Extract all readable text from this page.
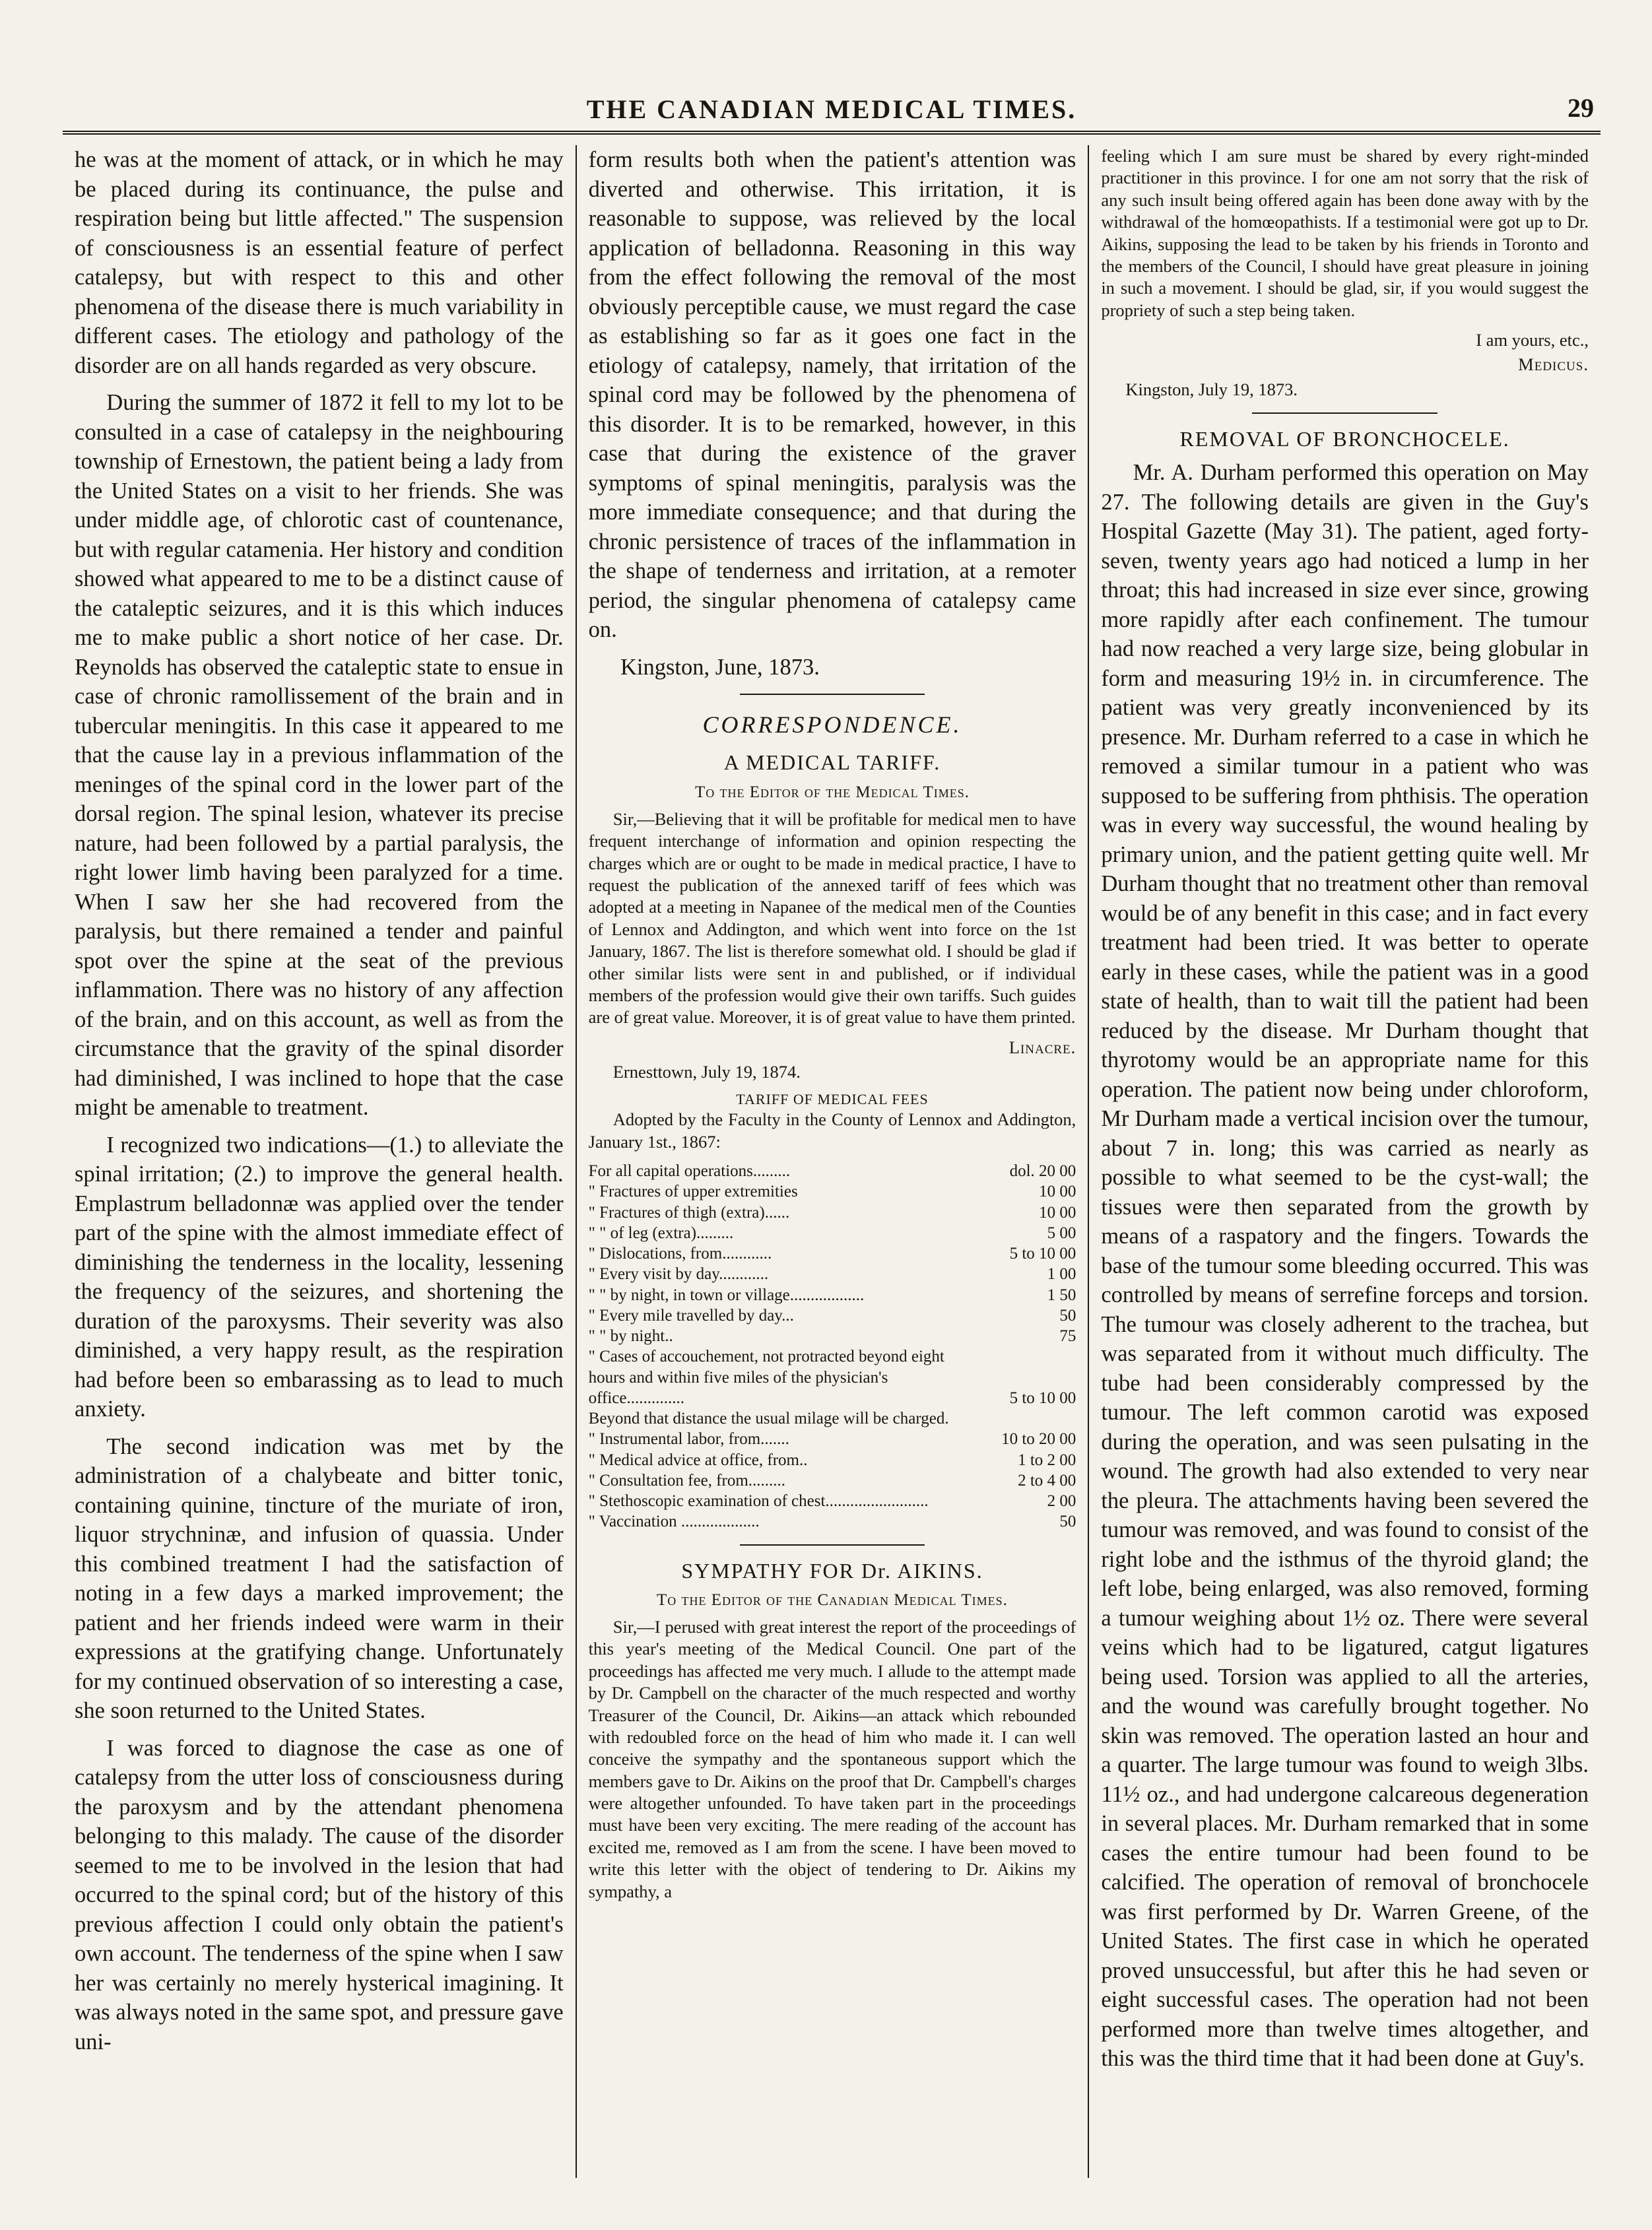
THE CANADIAN MEDICAL TIMES.	29

he was at the moment of attack, or in which he may be placed during its continuance, the pulse and respiration being but little affected." The suspension of consciousness is an essential feature of perfect catalepsy, but with respect to this and other phenomena of the disease there is much variability in different cases. The etiology and pathology of the disorder are on all hands regarded as very obscure.

During the summer of 1872 it fell to my lot to be consulted in a case of catalepsy in the neighbouring township of Ernestown, the patient being a lady from the United States on a visit to her friends. She was under middle age, of chlorotic cast of countenance, but with regular catamenia. Her history and condition showed what appeared to me to be a distinct cause of the cataleptic seizures, and it is this which induces me to make public a short notice of her case. Dr. Reynolds has observed the cataleptic state to ensue in case of chronic ramollissement of the brain and in tubercular meningitis. In this case it appeared to me that the cause lay in a previous inflammation of the meninges of the spinal cord in the lower part of the dorsal region. The spinal lesion, whatever its precise nature, had been followed by a partial paralysis, the right lower limb having been paralyzed for a time. When I saw her she had recovered from the paralysis, but there remained a tender and painful spot over the spine at the seat of the previous inflammation. There was no history of any affection of the brain, and on this account, as well as from the circumstance that the gravity of the spinal disorder had diminished, I was inclined to hope that the case might be amenable to treatment.

I recognized two indications—(1.) to alleviate the spinal irritation; (2.) to improve the general health. Emplastrum belladonnæ was applied over the tender part of the spine with the almost immediate effect of diminishing the tenderness in the locality, lessening the frequency of the seizures, and shortening the duration of the paroxysms. Their severity was also diminished, a very happy result, as the respiration had before been so embarassing as to lead to much anxiety.

The second indication was met by the administration of a chalybeate and bitter tonic, containing quinine, tincture of the muriate of iron, liquor strychninæ, and infusion of quassia. Under this combined treatment I had the satisfaction of noting in a few days a marked improvement; the patient and her friends indeed were warm in their expressions at the gratifying change. Unfortunately for my continued observation of so interesting a case, she soon returned to the United States.

I was forced to diagnose the case as one of catalepsy from the utter loss of consciousness during the paroxysm and by the attendant phenomena belonging to this malady. The cause of the disorder seemed to me to be involved in the lesion that had occurred to the spinal cord; but of the history of this previous affection I could only obtain the patient's own account. The tenderness of the spine when I saw her was certainly no merely hysterical imagining. It was always noted in the same spot, and pressure gave uni-

form results both when the patient's attention was diverted and otherwise. This irritation, it is reasonable to suppose, was relieved by the local application of belladonna. Reasoning in this way from the effect following the removal of the most obviously perceptible cause, we must regard the case as establishing so far as it goes one fact in the etiology of catalepsy, namely, that irritation of the spinal cord may be followed by the phenomena of this disorder. It is to be remarked, however, in this case that during the existence of the graver symptoms of spinal meningitis, paralysis was the more immediate consequence; and that during the chronic persistence of traces of the inflammation in the shape of tenderness and irritation, at a remoter period, the singular phenomena of catalepsy came on.

Kingston, June, 1873.

CORRESPONDENCE.
A MEDICAL TARIFF.
To the Editor of the Medical Times.

Sir,—Believing that it will be profitable for medical men to have frequent interchange of information and opinion respecting the charges which are or ought to be made in medical practice, I have to request the publication of the annexed tariff of fees which was adopted at a meeting in Napanee of the medical men of the Counties of Lennox and Addington, and which went into force on the 1st January, 1867. The list is therefore somewhat old. I should be glad if other similar lists were sent in and published, or if individual members of the profession would give their own tariffs. Such guides are of great value. Moreover, it is of great value to have them printed.

Linacre.

Ernesttown, July 19, 1874.

TARIFF OF MEDICAL FEES

Adopted by the Faculty in the County of Lennox and Addington, January 1st., 1867:

For all capital operations.........	dol. 20 00
" Fractures of upper extremities	10 00
" Fractures of thigh (extra)......	10 00
" " of leg (extra).........	5 00
" Dislocations, from............	5 to 10 00
" Every visit by day............	1 00
" " by night, in town or village..................	1 50
" Every mile travelled by day...	50
" " by night..	75
" Cases of accouchement, not protracted beyond eight hours and within five miles of the physician's office..............	5 to 10 00
Beyond that distance the usual milage will be charged.	
" Instrumental labor, from.......	10 to 20 00
" Medical advice at office, from..	1 to 2 00
" Consultation fee, from.........	2 to 4 00
" Stethoscopic examination of chest.........................	2 00
" Vaccination ...................	50
SYMPATHY FOR Dr. AIKINS.
To the Editor of the Canadian Medical Times.

Sir,—I perused with great interest the report of the proceedings of this year's meeting of the Medical Council. One part of the proceedings has affected me very much. I allude to the attempt made by Dr. Campbell on the character of the much respected and worthy Treasurer of the Council, Dr. Aikins—an attack which rebounded with redoubled force on the head of him who made it. I can well conceive the sympathy and the spontaneous support which the members gave to Dr. Aikins on the proof that Dr. Campbell's charges were altogether unfounded. To have taken part in the proceedings must have been very exciting. The mere reading of the account has excited me, removed as I am from the scene. I have been moved to write this letter with the object of tendering to Dr. Aikins my sympathy, a

feeling which I am sure must be shared by every right-minded practitioner in this province. I for one am not sorry that the risk of any such insult being offered again has been done away with by the withdrawal of the homœopathists. If a testimonial were got up to Dr. Aikins, supposing the lead to be taken by his friends in Toronto and the members of the Council, I should have great pleasure in joining in such a movement. I should be glad, sir, if you would suggest the propriety of such a step being taken.

I am yours, etc.,
Medicus.

Kingston, July 19, 1873.

REMOVAL OF BRONCHOCELE.

Mr. A. Durham performed this operation on May 27. The following details are given in the Guy's Hospital Gazette (May 31). The patient, aged forty-seven, twenty years ago had noticed a lump in her throat; this had increased in size ever since, growing more rapidly after each confinement. The tumour had now reached a very large size, being globular in form and measuring 19½ in. in circumference. The patient was very greatly inconvenienced by its presence. Mr. Durham referred to a case in which he removed a similar tumour in a patient who was supposed to be suffering from phthisis. The operation was in every way successful, the wound healing by primary union, and the patient getting quite well. Mr Durham thought that no treatment other than removal would be of any benefit in this case; and in fact every treatment had been tried. It was better to operate early in these cases, while the patient was in a good state of health, than to wait till the patient had been reduced by the disease. Mr Durham thought that thyrotomy would be an appropriate name for this operation. The patient now being under chloroform, Mr Durham made a vertical incision over the tumour, about 7 in. long; this was carried as nearly as possible to what seemed to be the cyst-wall; the tissues were then separated from the growth by means of a raspatory and the fingers. Towards the base of the tumour some bleeding occurred. This was controlled by means of serrefine forceps and torsion. The tumour was closely adherent to the trachea, but was separated from it without much difficulty. The tube had been considerably compressed by the tumour. The left common carotid was exposed during the operation, and was seen pulsating in the wound. The growth had also extended to very near the pleura. The attachments having been severed the tumour was removed, and was found to consist of the right lobe and the isthmus of the thyroid gland; the left lobe, being enlarged, was also removed, forming a tumour weighing about 1½ oz. There were several veins which had to be ligatured, catgut ligatures being used. Torsion was applied to all the arteries, and the wound was carefully brought together. No skin was removed. The operation lasted an hour and a quarter. The large tumour was found to weigh 3lbs. 11½ oz., and had undergone calcareous degeneration in several places. Mr. Durham remarked that in some cases the entire tumour had been found to be calcified. The operation of removal of bronchocele was first performed by Dr. Warren Greene, of the United States. The first case in which he operated proved unsuccessful, but after this he had seven or eight successful cases. The operation had not been performed more than twelve times altogether, and this was the third time that it had been done at Guy's.
